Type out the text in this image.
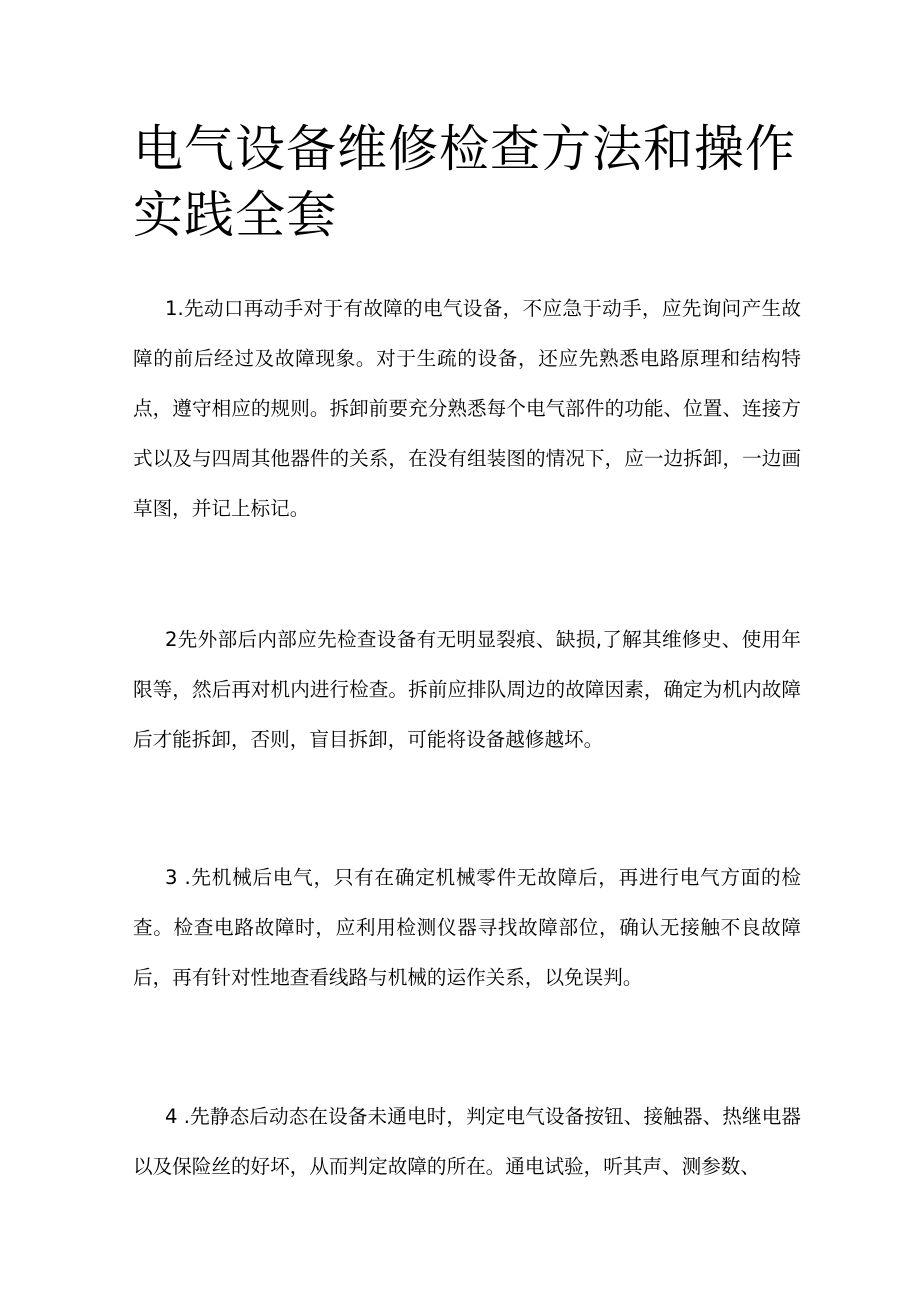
电气设备维修检查方法和操作实践全套

1.先动口再动手对于有故障的电气设备，不应急于动手，应先询问产生故障的前后经过及故障现象。对于生疏的设备，还应先熟悉电路原理和结构特点，遵守相应的规则。拆卸前要充分熟悉每个电气部件的功能、位置、连接方式以及与四周其他器件的关系，在没有组装图的情况下，应一边拆卸，一边画草图，并记上标记。

2先外部后内部应先检查设备有无明显裂痕、缺损,了解其维修史、使用年限等，然后再对机内进行检查。拆前应排队周边的故障因素，确定为机内故障后才能拆卸，否则，盲目拆卸，可能将设备越修越坏。

3 .先机械后电气，只有在确定机械零件无故障后，再进行电气方面的检查。检查电路故障时，应利用检测仪器寻找故障部位，确认无接触不良故障后，再有针对性地查看线路与机械的运作关系，以免误判。

4 .先静态后动态在设备未通电时，判定电气设备按钮、接触器、热继电器以及保险丝的好坏，从而判定故障的所在。通电试验，听其声、测参数、
